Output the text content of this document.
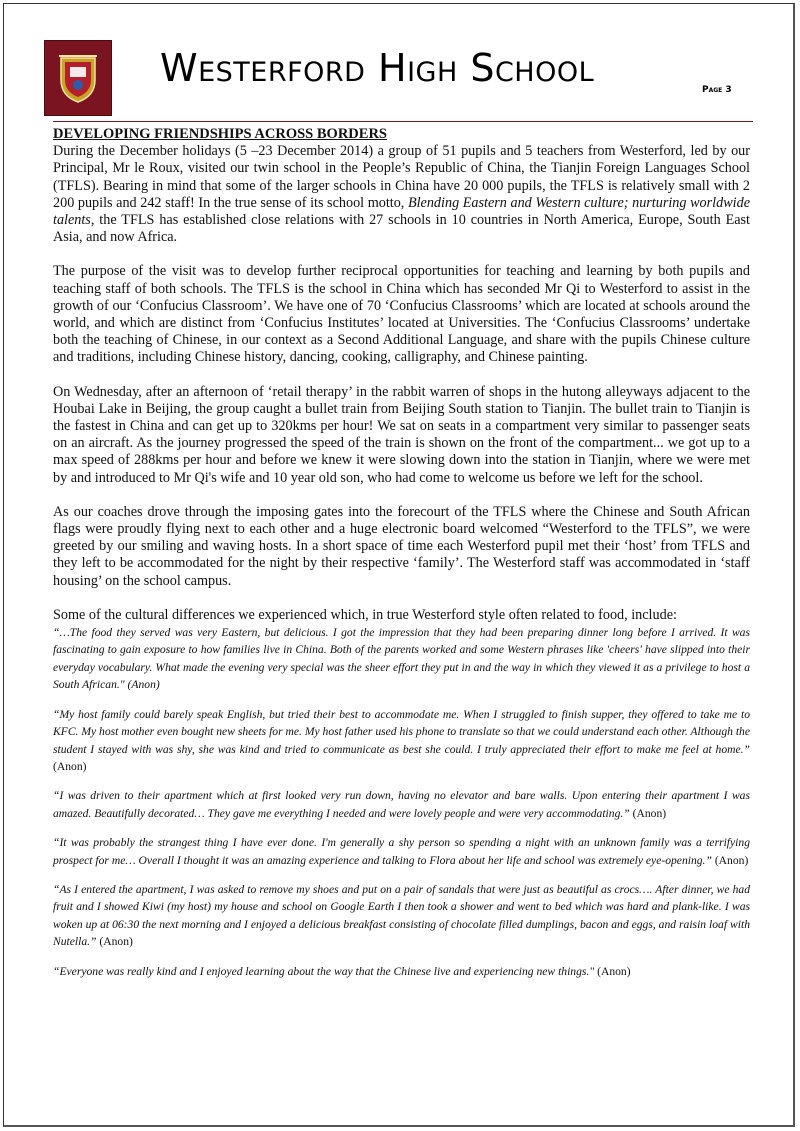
Westerford High School	Page 3
DEVELOPING FRIENDSHIPS ACROSS BORDERS

During the December holidays (5 –23 December 2014) a group of 51 pupils and 5 teachers from Westerford, led by our Principal, Mr le Roux, visited our twin school in the People’s Republic of China, the Tianjin Foreign Languages School (TFLS). Bearing in mind that some of the larger schools in China have 20 000 pupils, the TFLS is relatively small with 2 200 pupils and 242 staff! In the true sense of its school motto, Blending Eastern and Western culture; nurturing worldwide talents, the TFLS has established close relations with 27 schools in 10 countries in North America, Europe, South East Asia, and now Africa.

The purpose of the visit was to develop further reciprocal opportunities for teaching and learning by both pupils and teaching staff of both schools. The TFLS is the school in China which has seconded Mr Qi to Westerford to assist in the growth of our ‘Confucius Classroom’. We have one of 70 ‘Confucius Classrooms’ which are located at schools around the world, and which are distinct from ‘Confucius Institutes’ located at Universities. The ‘Confucius Classrooms’ undertake both the teaching of Chinese, in our context as a Second Additional Language, and share with the pupils Chinese culture and traditions, including Chinese history, dancing, cooking, calligraphy, and Chinese painting.

On Wednesday, after an afternoon of ‘retail therapy’ in the rabbit warren of shops in the hutong alleyways adjacent to the Houbai Lake in Beijing, the group caught a bullet train from Beijing South station to Tianjin. The bullet train to Tianjin is the fastest in China and can get up to 320kms per hour! We sat on seats in a compartment very similar to passenger seats on an aircraft. As the journey progressed the speed of the train is shown on the front of the compartment... we got up to a max speed of 288kms per hour and before we knew it were slowing down into the station in Tianjin, where we were met by and introduced to Mr Qi's wife and 10 year old son, who had come to welcome us before we left for the school.

As our coaches drove through the imposing gates into the forecourt of the TFLS where the Chinese and South African flags were proudly flying next to each other and a huge electronic board welcomed “Westerford to the TFLS”, we were greeted by our smiling and waving hosts. In a short space of time each Westerford pupil met their ‘host’ from TFLS and they left to be accommodated for the night by their respective ‘family’. The Westerford staff was accommodated in ‘staff housing’ on the school campus.

Some of the cultural differences we experienced which, in true Westerford style often related to food, include:

“…The food they served was very Eastern, but delicious. I got the impression that they had been preparing dinner long before I arrived. It was fascinating to gain exposure to how families live in China. Both of the parents worked and some Western phrases like 'cheers' have slipped into their everyday vocabulary. What made the evening very special was the sheer effort they put in and the way in which they viewed it as a privilege to host a South African." (Anon)

“My host family could barely speak English, but tried their best to accommodate me. When I struggled to finish supper, they offered to take me to KFC. My host mother even bought new sheets for me. My host father used his phone to translate so that we could understand each other. Although the student I stayed with was shy, she was kind and tried to communicate as best she could. I truly appreciated their effort to make me feel at home.” (Anon)

“I was driven to their apartment which at first looked very run down, having no elevator and bare walls. Upon entering their apartment I was amazed. Beautifully decorated… They gave me everything I needed and were lovely people and were very accommodating.” (Anon)

“It was probably the strangest thing I have ever done. I'm generally a shy person so spending a night with an unknown family was a terrifying prospect for me… Overall I thought it was an amazing experience and talking to Flora about her life and school was extremely eye-opening.” (Anon)

“As I entered the apartment, I was asked to remove my shoes and put on a pair of sandals that were just as beautiful as crocs…. After dinner, we had fruit and I showed Kiwi (my host) my house and school on Google Earth I then took a shower and went to bed which was hard and plank-like. I was woken up at 06:30 the next morning and I enjoyed a delicious breakfast consisting of chocolate filled dumplings, bacon and eggs, and raisin loaf with Nutella.” (Anon)

“Everyone was really kind and I enjoyed learning about the way that the Chinese live and experiencing new things." (Anon)
